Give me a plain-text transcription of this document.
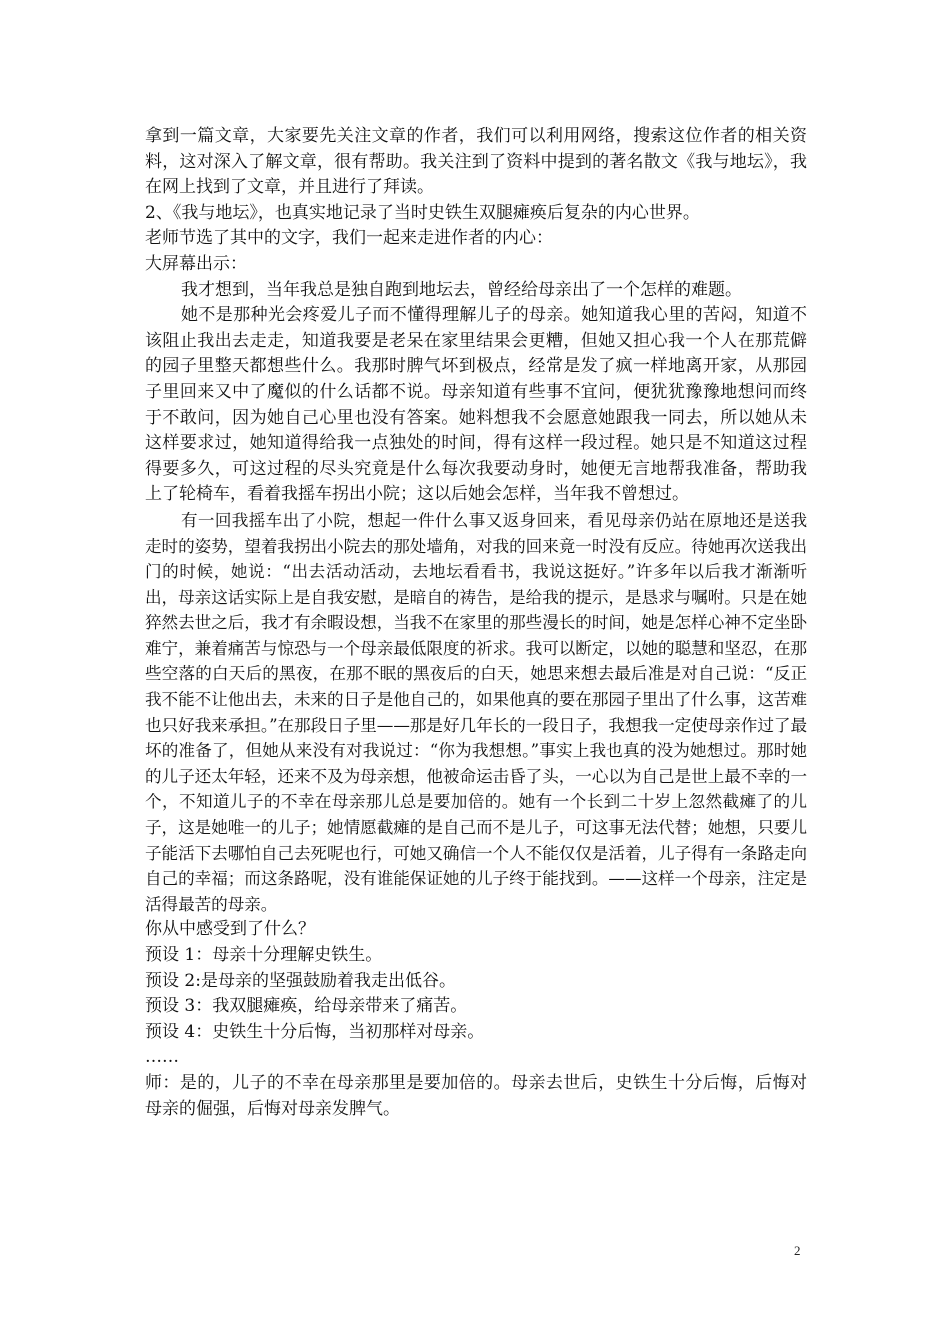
拿到一篇文章，大家要先关注文章的作者，我们可以利用网络，搜索这位作者的相关资料，这对深入了解文章，很有帮助。我关注到了资料中提到的著名散文《我与地坛》，我在网上找到了文章，并且进行了拜读。

2、《我与地坛》，也真实地记录了当时史铁生双腿瘫痪后复杂的内心世界。

老师节选了其中的文字，我们一起来走进作者的内心：

大屏幕出示：

我才想到，当年我总是独自跑到地坛去，曾经给母亲出了一个怎样的难题。

她不是那种光会疼爱儿子而不懂得理解儿子的母亲。她知道我心里的苦闷，知道不该阻止我出去走走，知道我要是老呆在家里结果会更糟，但她又担心我一个人在那荒僻的园子里整天都想些什么。我那时脾气坏到极点，经常是发了疯一样地离开家，从那园子里回来又中了魔似的什么话都不说。母亲知道有些事不宜问，便犹犹豫豫地想问而终于不敢问，因为她自己心里也没有答案。她料想我不会愿意她跟我一同去，所以她从未这样要求过，她知道得给我一点独处的时间，得有这样一段过程。她只是不知道这过程得要多久，可这过程的尽头究竟是什么每次我要动身时，她便无言地帮我准备，帮助我上了轮椅车，看着我摇车拐出小院；这以后她会怎样，当年我不曾想过。

有一回我摇车出了小院，想起一件什么事又返身回来，看见母亲仍站在原地还是送我走时的姿势，望着我拐出小院去的那处墙角，对我的回来竟一时没有反应。待她再次送我出门的时候，她说：“出去活动活动，去地坛看看书，我说这挺好。”许多年以后我才渐渐听出，母亲这话实际上是自我安慰，是暗自的祷告，是给我的提示，是恳求与嘱咐。只是在她猝然去世之后，我才有余暇设想，当我不在家里的那些漫长的时间，她是怎样心神不定坐卧难宁，兼着痛苦与惊恐与一个母亲最低限度的祈求。我可以断定，以她的聪慧和坚忍，在那些空落的白天后的黑夜，在那不眠的黑夜后的白天，她思来想去最后准是对自己说：“反正我不能不让他出去，未来的日子是他自己的，如果他真的要在那园子里出了什么事，这苦难也只好我来承担。”在那段日子里——那是好几年长的一段日子，我想我一定使母亲作过了最坏的准备了，但她从来没有对我说过：“你为我想想。”事实上我也真的没为她想过。那时她的儿子还太年轻，还来不及为母亲想，他被命运击昏了头，一心以为自己是世上最不幸的一个，不知道儿子的不幸在母亲那儿总是要加倍的。她有一个长到二十岁上忽然截瘫了的儿子，这是她唯一的儿子；她情愿截瘫的是自己而不是儿子，可这事无法代替；她想，只要儿子能活下去哪怕自己去死呢也行，可她又确信一个人不能仅仅是活着，儿子得有一条路走向自己的幸福；而这条路呢，没有谁能保证她的儿子终于能找到。——这样一个母亲，注定是活得最苦的母亲。

你从中感受到了什么？

预设 1：母亲十分理解史铁生。

预设 2:是母亲的坚强鼓励着我走出低谷。

预设 3：我双腿瘫痪，给母亲带来了痛苦。

预设 4：史铁生十分后悔，当初那样对母亲。

……

师：是的，儿子的不幸在母亲那里是要加倍的。母亲去世后，史铁生十分后悔，后悔对母亲的倔强，后悔对母亲发脾气。

2
